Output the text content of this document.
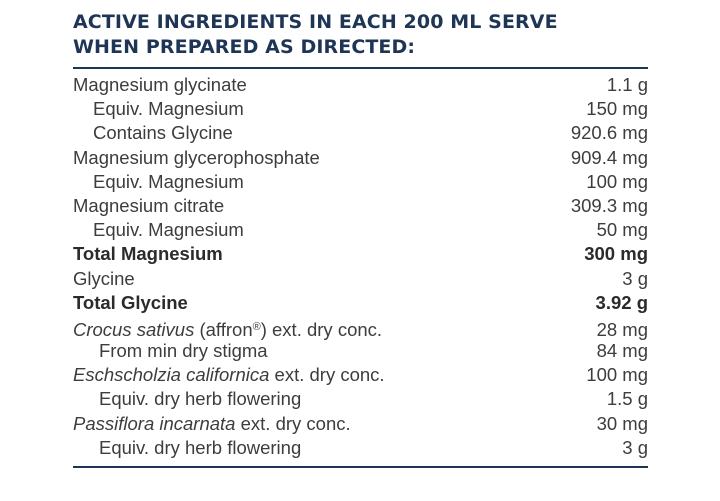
ACTIVE INGREDIENTS IN EACH 200 ML SERVE
WHEN PREPARED AS DIRECTED:
Magnesium glycinate	1.1 g
Equiv. Magnesium	150 mg
Contains Glycine	920.6 mg
Magnesium glycerophosphate	909.4 mg
Equiv. Magnesium	100 mg
Magnesium citrate	309.3 mg
Equiv. Magnesium	50 mg
Total Magnesium	300 mg
Glycine	3 g
Total Glycine	3.92 g
Crocus sativus (affron®) ext. dry conc.	28 mg
From min dry stigma	84 mg
Eschscholzia californica ext. dry conc.	100 mg
Equiv. dry herb flowering	1.5 g
Passiflora incarnata ext. dry conc.	30 mg
Equiv. dry herb flowering	3 g
